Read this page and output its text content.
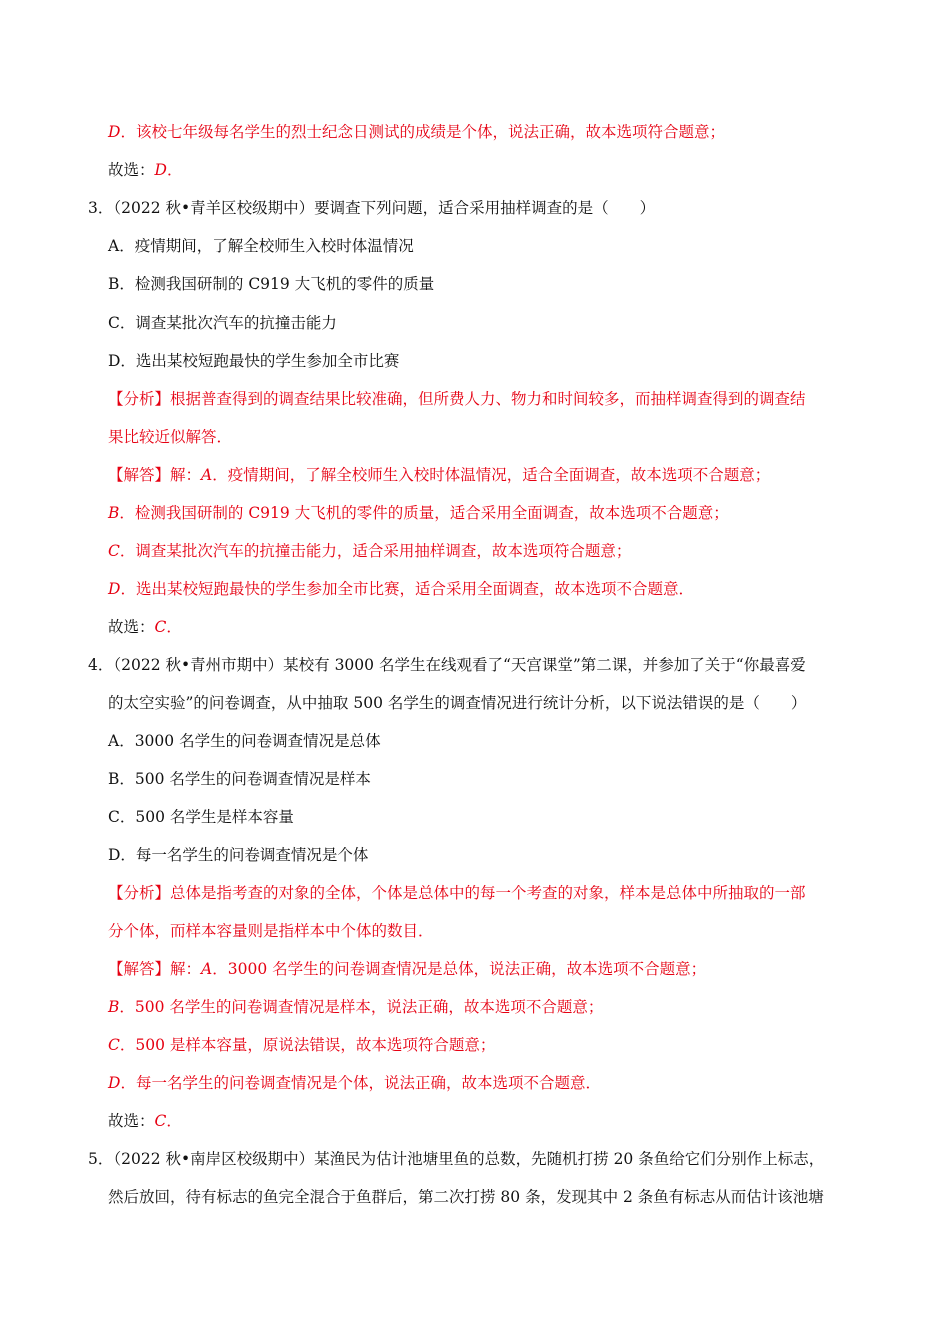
D．该校七年级每名学生的烈士纪念日测试的成绩是个体，说法正确，故本选项符合题意；
故选：D．
3．（2022 秋•青羊区校级期中）要调查下列问题，适合采用抽样调查的是（　　）
A．疫情期间，了解全校师生入校时体温情况
B．检测我国研制的 C919 大飞机的零件的质量
C．调查某批次汽车的抗撞击能力
D．选出某校短跑最快的学生参加全市比赛
【分析】根据普查得到的调查结果比较准确，但所费人力、物力和时间较多，而抽样调查得到的调查结
果比较近似解答．
【解答】解：A．疫情期间，了解全校师生入校时体温情况，适合全面调查，故本选项不合题意；
B．检测我国研制的 C919 大飞机的零件的质量，适合采用全面调查，故本选项不合题意；
C．调查某批次汽车的抗撞击能力，适合采用抽样调查，故本选项符合题意；
D．选出某校短跑最快的学生参加全市比赛，适合采用全面调查，故本选项不合题意．
故选：C．
4．（2022 秋•青州市期中）某校有 3000 名学生在线观看了“天宫课堂”第二课，并参加了关于“你最喜爱
的太空实验”的问卷调查，从中抽取 500 名学生的调查情况进行统计分析，以下说法错误的是（　　）
A．3000 名学生的问卷调查情况是总体
B．500 名学生的问卷调查情况是样本
C．500 名学生是样本容量
D．每一名学生的问卷调查情况是个体
【分析】总体是指考查的对象的全体，个体是总体中的每一个考查的对象，样本是总体中所抽取的一部
分个体，而样本容量则是指样本中个体的数目．
【解答】解：A．3000 名学生的问卷调查情况是总体，说法正确，故本选项不合题意；
B．500 名学生的问卷调查情况是样本，说法正确，故本选项不合题意；
C．500 是样本容量，原说法错误，故本选项符合题意；
D．每一名学生的问卷调查情况是个体，说法正确，故本选项不合题意．
故选：C．
5．（2022 秋•南岸区校级期中）某渔民为估计池塘里鱼的总数，先随机打捞 20 条鱼给它们分别作上标志，
然后放回，待有标志的鱼完全混合于鱼群后，第二次打捞 80 条，发现其中 2 条鱼有标志从而估计该池塘
